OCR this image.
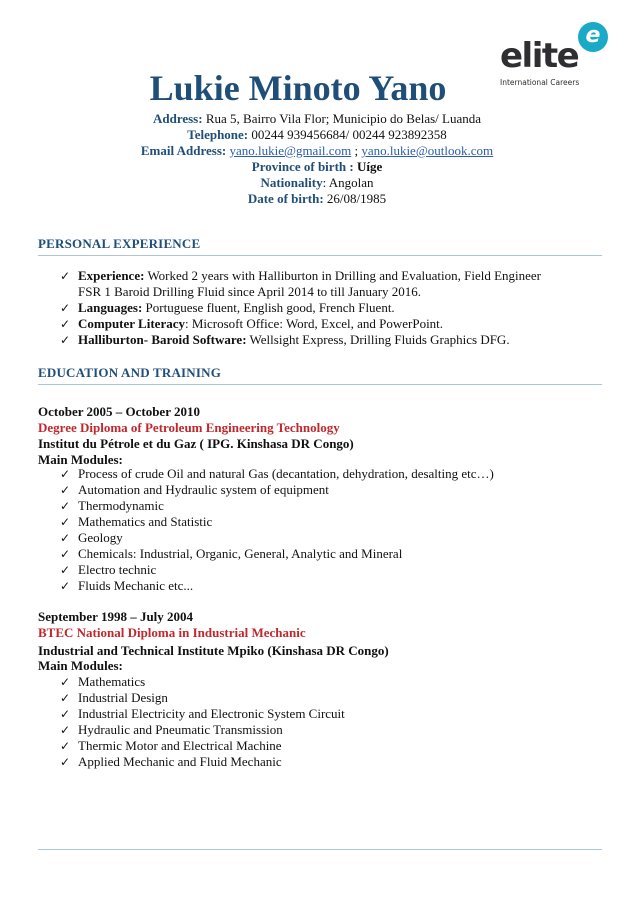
elite
e
International Careers
Lukie Minoto Yano
Address: Rua 5, Bairro Vila Flor; Municipio do Belas/ Luanda
Telephone: 00244 939456684/ 00244 923892358
Email Address: yano.lukie@gmail.com ; yano.lukie@outlook.com
Province of birth : Uíge
Nationality: Angolan
Date of birth: 26/08/1985
PERSONAL EXPERIENCE
✓ Experience: Worked 2 years with Halliburton in Drilling and Evaluation, Field Engineer
FSR 1 Baroid Drilling Fluid since April 2014 to till January 2016.
✓ Languages: Portuguese fluent, English good, French Fluent.
✓ Computer Literacy: Microsoft Office: Word, Excel, and PowerPoint.
✓ Halliburton- Baroid Software: Wellsight Express, Drilling Fluids Graphics DFG.
EDUCATION AND TRAINING
October 2005 – October 2010
Degree Diploma of Petroleum Engineering Technology
Institut du Pétrole et du Gaz ( IPG. Kinshasa DR Congo)
Main Modules:
✓ Process of crude Oil and natural Gas (decantation, dehydration, desalting etc…)
✓ Automation and Hydraulic system of equipment
✓ Thermodynamic
✓ Mathematics and Statistic
✓ Geology
✓ Chemicals: Industrial, Organic, General, Analytic and Mineral
✓ Electro technic
✓ Fluids Mechanic etc...
September 1998 – July 2004
BTEC National Diploma in Industrial Mechanic
Industrial and Technical Institute Mpiko (Kinshasa DR Congo)
Main Modules:
✓ Mathematics
✓ Industrial Design
✓ Industrial Electricity and Electronic System Circuit
✓ Hydraulic and Pneumatic Transmission
✓ Thermic Motor and Electrical Machine
✓ Applied Mechanic and Fluid Mechanic
